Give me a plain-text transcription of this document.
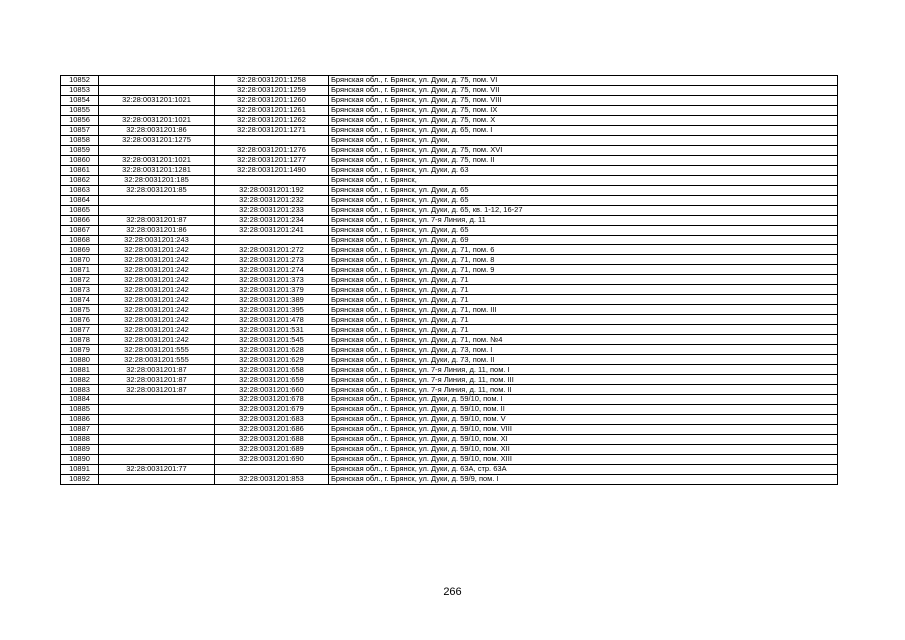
10852		32:28:0031201:1258	Брянская обл., г. Брянск, ул. Дуки, д. 75, пом. VI
10853		32:28:0031201:1259	Брянская обл., г. Брянск, ул. Дуки, д. 75, пом. VII
10854	32:28:0031201:1021	32:28:0031201:1260	Брянская обл., г. Брянск, ул. Дуки, д. 75, пом. VIII
10855		32:28:0031201:1261	Брянская обл., г. Брянск, ул. Дуки, д. 75, пом. IX
10856	32:28:0031201:1021	32:28:0031201:1262	Брянская обл., г. Брянск, ул. Дуки, д. 75, пом. X
10857	32:28:0031201:86	32:28:0031201:1271	Брянская обл., г. Брянск, ул. Дуки, д. 65, пом. I
10858	32:28:0031201:1275		Брянская обл., г. Брянск, ул. Дуки,
10859		32:28:0031201:1276	Брянская обл., г. Брянск, ул. Дуки, д. 75, пом. XVI
10860	32:28:0031201:1021	32:28:0031201:1277	Брянская обл., г. Брянск, ул. Дуки, д. 75, пом. II
10861	32:28:0031201:1281	32:28:0031201:1490	Брянская обл., г. Брянск, ул. Дуки, д. 63
10862	32:28:0031201:185		Брянская обл., г. Брянск,
10863	32:28:0031201:85	32:28:0031201:192	Брянская обл., г. Брянск, ул. Дуки, д. 65
10864		32:28:0031201:232	Брянская обл., г. Брянск, ул. Дуки, д. 65
10865		32:28:0031201:233	Брянская обл., г. Брянск, ул. Дуки, д. 65, кв. 1-12, 16-27
10866	32:28:0031201:87	32:28:0031201:234	Брянская обл., г. Брянск, ул. 7-я Линия, д. 11
10867	32:28:0031201:86	32:28:0031201:241	Брянская обл., г. Брянск, ул. Дуки, д. 65
10868	32:28:0031201:243		Брянская обл., г. Брянск, ул. Дуки, д. 69
10869	32:28:0031201:242	32:28:0031201:272	Брянская обл., г. Брянск, ул. Дуки, д. 71, пом. 6
10870	32:28:0031201:242	32:28:0031201:273	Брянская обл., г. Брянск, ул. Дуки, д. 71, пом. 8
10871	32:28:0031201:242	32:28:0031201:274	Брянская обл., г. Брянск, ул. Дуки, д. 71, пом. 9
10872	32:28:0031201:242	32:28:0031201:373	Брянская обл., г. Брянск, ул. Дуки, д. 71
10873	32:28:0031201:242	32:28:0031201:379	Брянская обл., г. Брянск, ул. Дуки, д. 71
10874	32:28:0031201:242	32:28:0031201:389	Брянская обл., г. Брянск, ул. Дуки, д. 71
10875	32:28:0031201:242	32:28:0031201:395	Брянская обл., г. Брянск, ул. Дуки, д. 71, пом. III
10876	32:28:0031201:242	32:28:0031201:478	Брянская обл., г. Брянск, ул. Дуки, д. 71
10877	32:28:0031201:242	32:28:0031201:531	Брянская обл., г. Брянск, ул. Дуки, д. 71
10878	32:28:0031201:242	32:28:0031201:545	Брянская обл., г. Брянск, ул. Дуки, д. 71, пом. №4
10879	32:28:0031201:555	32:28:0031201:628	Брянская обл., г. Брянск, ул. Дуки, д. 73, пом. I
10880	32:28:0031201:555	32:28:0031201:629	Брянская обл., г. Брянск, ул. Дуки, д. 73, пом. II
10881	32:28:0031201:87	32:28:0031201:658	Брянская обл., г. Брянск, ул. 7-я Линия, д. 11, пом. I
10882	32:28:0031201:87	32:28:0031201:659	Брянская обл., г. Брянск, ул. 7-я Линия, д. 11, пом. III
10883	32:28:0031201:87	32:28:0031201:660	Брянская обл., г. Брянск, ул. 7-я Линия, д. 11, пом. II
10884		32:28:0031201:678	Брянская обл., г. Брянск, ул. Дуки, д. 59/10, пом. I
10885		32:28:0031201:679	Брянская обл., г. Брянск, ул. Дуки, д. 59/10, пом. II
10886		32:28:0031201:683	Брянская обл., г. Брянск, ул. Дуки, д. 59/10, пом. V
10887		32:28:0031201:686	Брянская обл., г. Брянск, ул. Дуки, д. 59/10, пом. VIII
10888		32:28:0031201:688	Брянская обл., г. Брянск, ул. Дуки, д. 59/10, пом. XI
10889		32:28:0031201:689	Брянская обл., г. Брянск, ул. Дуки, д. 59/10, пом. XII
10890		32:28:0031201:690	Брянская обл., г. Брянск, ул. Дуки, д. 59/10, пом. XIII
10891	32:28:0031201:77		Брянская обл., г. Брянск, ул. Дуки, д. 63А, стр. 63А
10892		32:28:0031201:853	Брянская обл., г. Брянск, ул. Дуки, д. 59/9, пом. I
266
